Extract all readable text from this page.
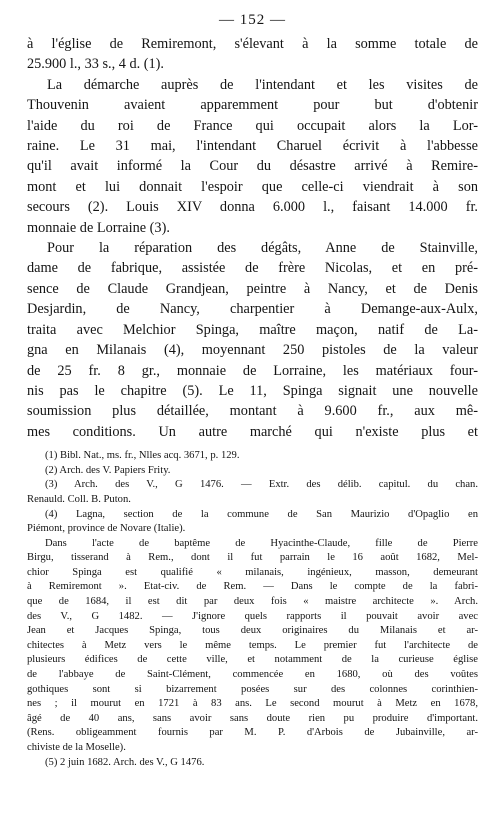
— 152 —
à l'église de Remiremont, s'élevant à la somme totale de
25.900 l., 33 s., 4 d. (1).
La démarche auprès de l'intendant et les visites de
Thouvenin avaient apparemment pour but d'obtenir
l'aide du roi de France qui occupait alors la Lor-
raine. Le 31 mai, l'intendant Charuel écrivit à l'abbesse
qu'il avait informé la Cour du désastre arrivé à Remire-
mont et lui donnait l'espoir que celle-ci viendrait à son
secours (2). Louis XIV donna 6.000 l., faisant 14.000 fr.
monnaie de Lorraine (3).
Pour la réparation des dégâts, Anne de Stainville,
dame de fabrique, assistée de frère Nicolas, et en pré-
sence de Claude Grandjean, peintre à Nancy, et de Denis
Desjardin, de Nancy, charpentier à Demange-aux-Aulx,
traita avec Melchior Spinga, maître maçon, natif de La-
gna en Milanais (4), moyennant 250 pistoles de la valeur
de 25 fr. 8 gr., monnaie de Lorraine, les matériaux four-
nis pas le chapitre (5). Le 11, Spinga signait une nouvelle
soumission plus détaillée, montant à 9.600 fr., aux mê-
mes conditions. Un autre marché qui n'existe plus et
(1) Bibl. Nat., ms. fr., Nlles acq. 3671, p. 129.
(2) Arch. des V. Papiers Frity.
(3) Arch. des V., G 1476. — Extr. des délib. capitul. du chan.
Renauld. Coll. B. Puton.
(4) Lagna, section de la commune de San Maurizio d'Opaglio en
Piémont, province de Novare (Italie).
Dans l'acte de baptême de Hyacinthe-Claude, fille de Pierre
Birgu, tisserand à Rem., dont il fut parrain le 16 août 1682, Mel-
chior Spinga est qualifié « milanais, ingénieux, masson, demeurant
à Remiremont ». Etat-civ. de Rem. — Dans le compte de la fabri-
que de 1684, il est dit par deux fois « maistre architecte ». Arch.
des V., G 1482. — J'ignore quels rapports il pouvait avoir avec
Jean et Jacques Spinga, tous deux originaires du Milanais et ar-
chitectes à Metz vers le même temps. Le premier fut l'architecte de
plusieurs édifices de cette ville, et notamment de la curieuse église
de l'abbaye de Saint-Clément, commencée en 1680, où des voûtes
gothiques sont si bizarrement posées sur des colonnes corinthien-
nes ; il mourut en 1721 à 83 ans. Le second mourut à Metz en 1678,
âgé de 40 ans, sans avoir sans doute rien pu produire d'important.
(Rens. obligeamment fournis par M. P. d'Arbois de Jubainville, ar-
chiviste de la Moselle).
(5) 2 juin 1682. Arch. des V., G 1476.
